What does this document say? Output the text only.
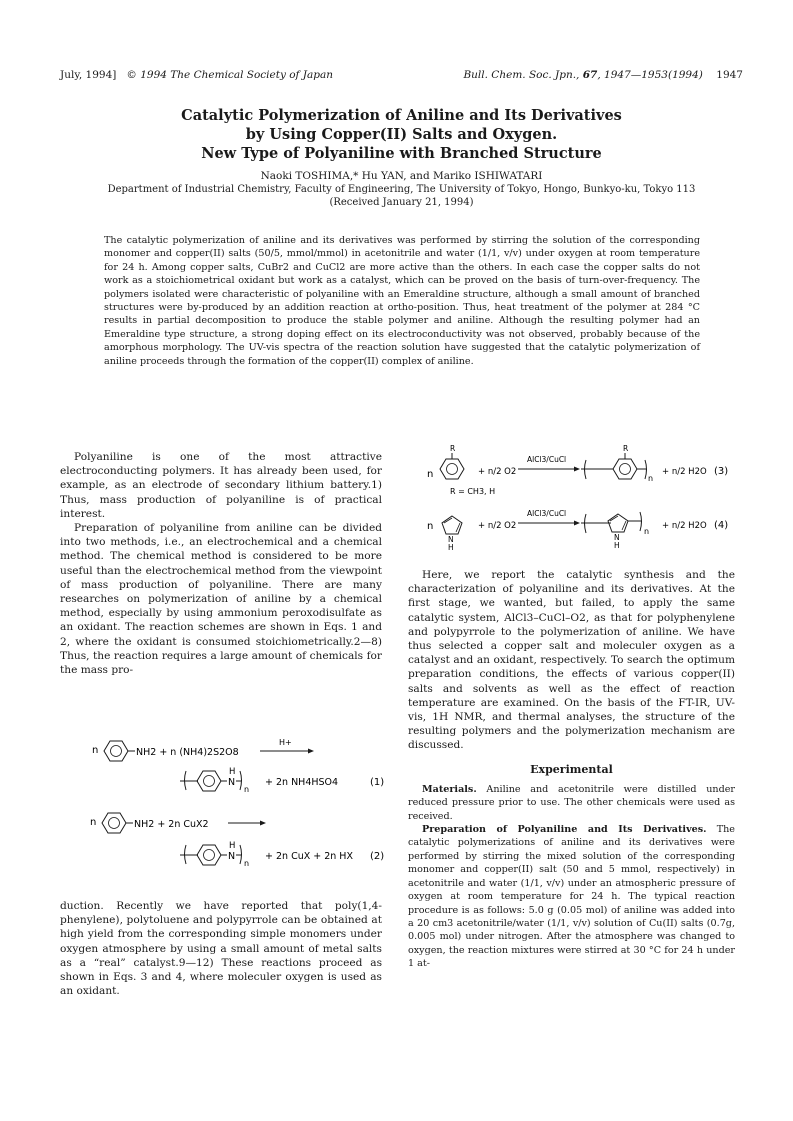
July, 1994] © 1994 The Chemical Society of Japan	Bull. Chem. Soc. Jpn., 67, 1947—1953(1994) 1947
Catalytic Polymerization of Aniline and Its Derivatives
by Using Copper(II) Salts and Oxygen.
New Type of Polyaniline with Branched Structure
Naoki TOSHIMA,* Hu YAN, and Mariko ISHIWATARI
Department of Industrial Chemistry, Faculty of Engineering, The University of Tokyo, Hongo, Bunkyo-ku, Tokyo 113
(Received January 21, 1994)
The catalytic polymerization of aniline and its derivatives was performed by stirring the solution of the corresponding monomer and copper(II) salts (50/5, mmol/mmol) in acetonitrile and water (1/1, v/v) under oxygen at room temperature for 24 h. Among copper salts, CuBr2 and CuCl2 are more active than the others. In each case the copper salts do not work as a stoichiometrical oxidant but work as a catalyst, which can be proved on the basis of turn-over-frequency. The polymers isolated were characteristic of polyaniline with an Emeraldine structure, although a small amount of branched structures were by-produced by an addition reaction at ortho-position. Thus, heat treatment of the polymer at 284 °C results in partial decomposition to produce the stable polymer and aniline. Although the resulting polymer had an Emeraldine type structure, a strong doping effect on its electroconductivity was not observed, probably because of the amorphous morphology. The UV-vis spectra of the reaction solution have suggested that the catalytic polymerization of aniline proceeds through the formation of the copper(II) complex of aniline.

Polyaniline is one of the most attractive electroconducting polymers. It has already been used, for example, as an electrode of secondary lithium battery.1) Thus, mass production of polyaniline is of practical interest.

Preparation of polyaniline from aniline can be divided into two methods, i.e., an electrochemical and a chemical method. The chemical method is considered to be more useful than the electrochemical method from the viewpoint of mass production of polyaniline. There are many researches on polymerization of aniline by a chemical method, especially by using ammonium peroxodisulfate as an oxidant. The reaction schemes are shown in Eqs. 1 and 2, where the oxidant is consumed stoichiometrically.2—8) Thus, the reaction requires a large amount of chemicals for the mass pro-

n	NH2 + n (NH4)2S2O8
H+
N
H
n
+ 2n NH4HSO4	(1)
n	NH2 + 2n CuX2
N
H
n
+ 2n CuX + 2n HX (2)

duction. Recently we have reported that poly(1,4-phenylene), polytoluene and polypyrrole can be obtained at high yield from the corresponding simple monomers under oxygen atmosphere by using a small amount of metal salts as a “real” catalyst.9—12) These reactions proceed as shown in Eqs. 3 and 4, where moleculer oxygen is used as an oxidant.

R
n	+ n/2 O2
AlCl3/CuCl
R
n
+ n/2 H2O (3)
R = CH3, H
n
N
H
+ n/2 O2
AlCl3/CuCl
N
H
n
+ n/2 H2O (4)

Here, we report the catalytic synthesis and the characterization of polyaniline and its derivatives. At the first stage, we wanted, but failed, to apply the same catalytic system, AlCl3–CuCl–O2, as that for polyphenylene and polypyrrole to the polymerization of aniline. We have thus selected a copper salt and moleculer oxygen as a catalyst and an oxidant, respectively. To search the optimum preparation conditions, the effects of various copper(II) salts and solvents as well as the effect of reaction temperature are examined. On the basis of the FT-IR, UV-vis, 1H NMR, and thermal analyses, the structure of the resulting polymers and the polymerization mechanism are discussed.

Experimental

Materials. Aniline and acetonitrile were distilled under reduced pressure prior to use. The other chemicals were used as received.

Preparation of Polyaniline and Its Derivatives. The catalytic polymerizations of aniline and its derivatives were performed by stirring the mixed solution of the corresponding monomer and copper(II) salt (50 and 5 mmol, respectively) in acetonitrile and water (1/1, v/v) under an atmospheric pressure of oxygen at room temperature for 24 h. The typical reaction procedure is as follows: 5.0 g (0.05 mol) of aniline was added into a 20 cm3 acetonitrile/water (1/1, v/v) solution of Cu(II) salts (0.7g, 0.005 mol) under nitrogen. After the atmosphere was changed to oxygen, the reaction mixtures were stirred at 30 °C for 24 h under 1 at-
